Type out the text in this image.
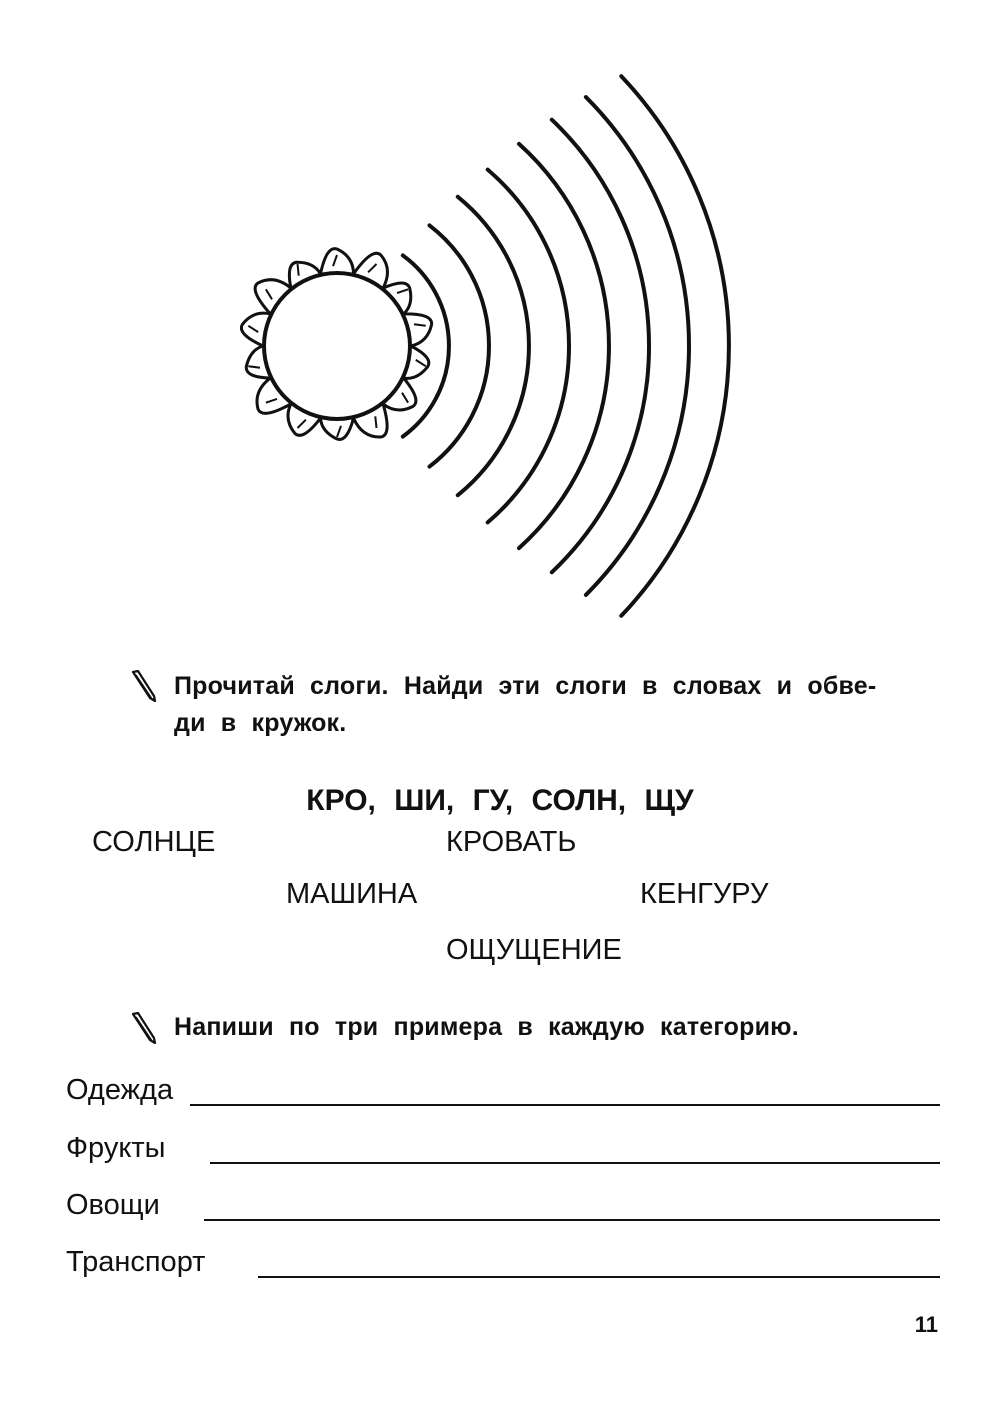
Прочитай слоги. Найди эти слоги в словах и обве-
ди в кружок.
КРО, ШИ, ГУ, СОЛН, ЩУ
СОЛНЦЕ	КРОВАТЬ
МАШИНА	КЕНГУРУ
ОЩУЩЕНИЕ
Напиши по три примера в каждую категорию.
Одежда
Фрукты
Овощи
Транспорт
11
